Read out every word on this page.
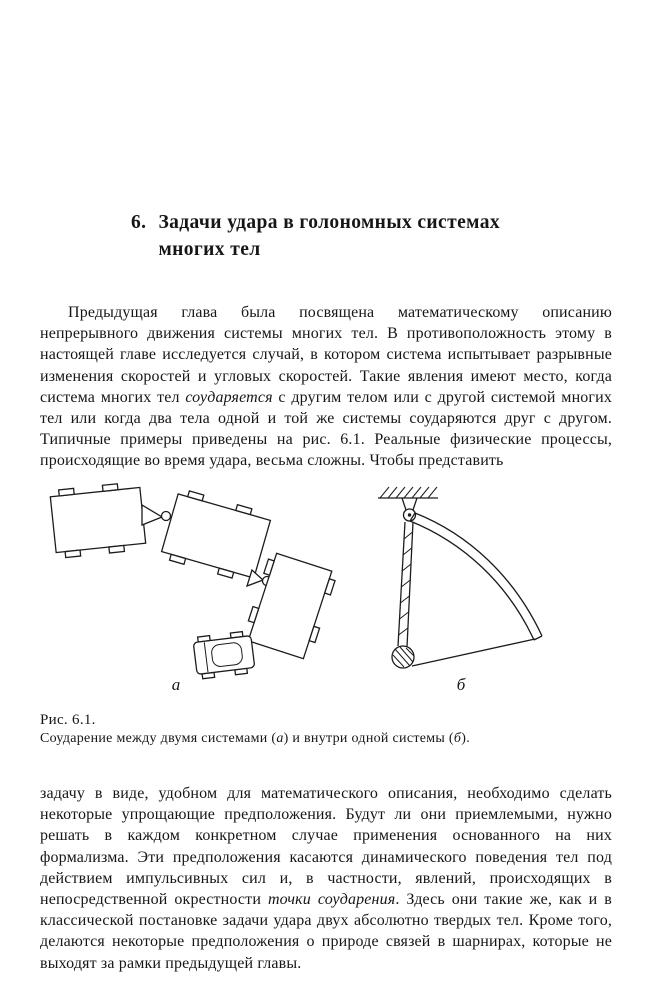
6. Задачи удара в голономных системах
многих тел

Предыдущая глава была посвящена математическому описанию непрерывного движения системы многих тел. В противоположность этому в настоящей главе исследуется случай, в котором система испытывает разрывные изменения скоростей и угловых скоростей. Такие явления имеют место, когда система многих тел соударяется с другим телом или с другой системой многих тел или когда два тела одной и той же системы соударяются друг с другом. Типичные примеры приведены на рис. 6.1. Реальные физические процессы, происходящие во время удара, весьма сложны. Чтобы представить

а	б
Рис. 6.1.
Соударение между двумя системами (а) и внутри одной системы (б).

задачу в виде, удобном для математического описания, необходимо сделать некоторые упрощающие предположения. Будут ли они приемлемыми, нужно решать в каждом конкретном случае применения основанного на них формализма. Эти предположения касаются динамического поведения тел под действием импульсивных сил и, в частности, явлений, происходящих в непосредственной окрестности точки соударения. Здесь они такие же, как и в классической постановке задачи удара двух абсолютно твердых тел. Кроме того, делаются некоторые предположения о природе связей в шарнирах, которые не выходят за рамки предыдущей главы.
